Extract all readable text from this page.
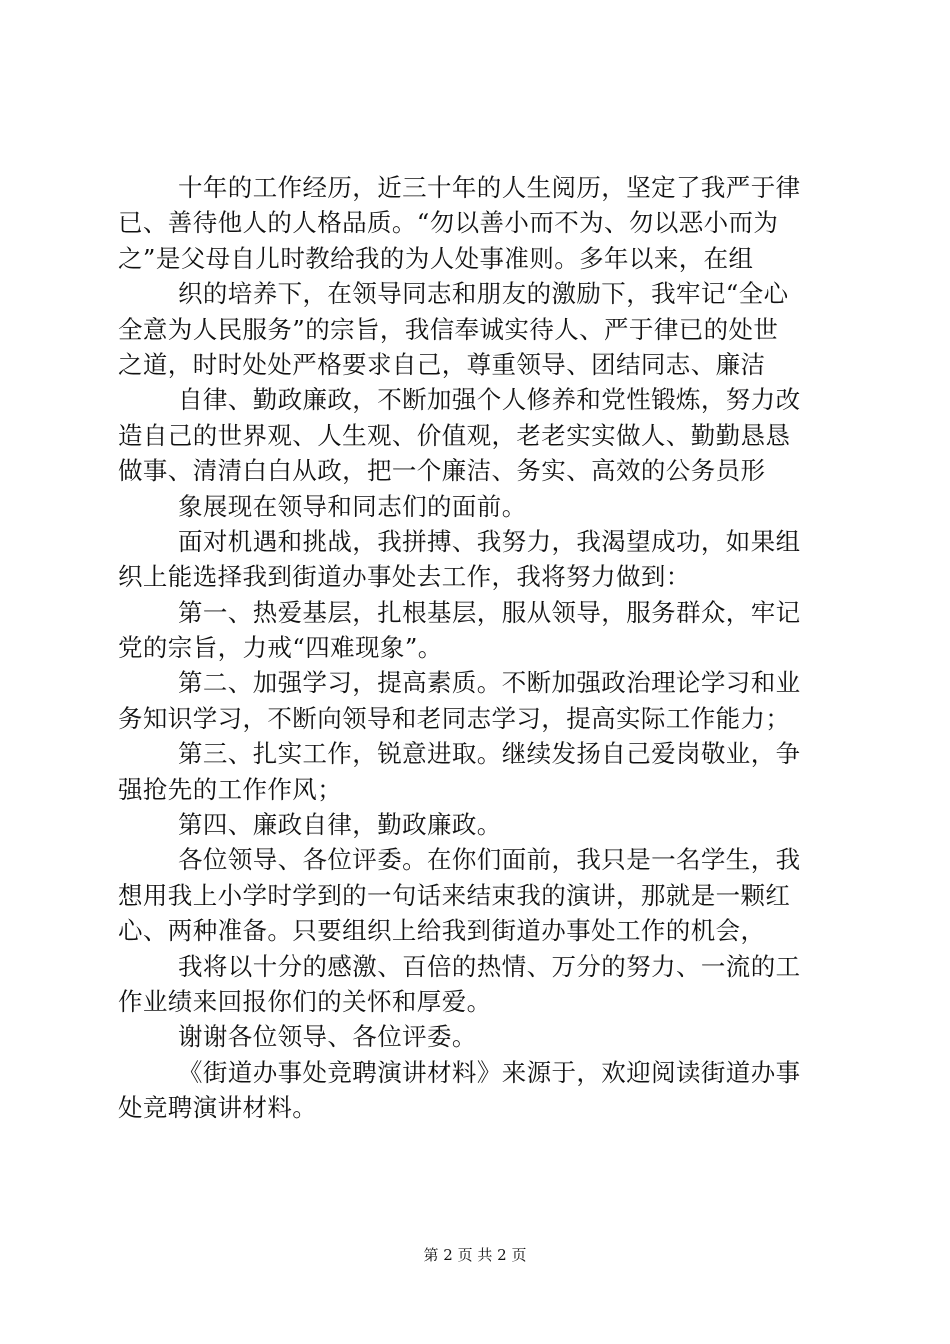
十年的工作经历，近三十年的人生阅历，坚定了我严于律
已、善待他人的人格品质。“勿以善小而不为、勿以恶小而为
之”是父母自儿时教给我的为人处事准则。多年以来，在组
织的培养下，在领导同志和朋友的激励下，我牢记“全心
全意为人民服务”的宗旨，我信奉诚实待人、严于律已的处世
之道，时时处处严格要求自己，尊重领导、团结同志、廉洁
自律、勤政廉政，不断加强个人修养和党性锻炼，努力改
造自己的世界观、人生观、价值观，老老实实做人、勤勤恳恳
做事、清清白白从政，把一个廉洁、务实、高效的公务员形
象展现在领导和同志们的面前。
面对机遇和挑战，我拼搏、我努力，我渴望成功，如果组
织上能选择我到街道办事处去工作，我将努力做到：
第一、热爱基层，扎根基层，服从领导，服务群众，牢记
党的宗旨，力戒“四难现象”。
第二、加强学习，提高素质。不断加强政治理论学习和业
务知识学习，不断向领导和老同志学习，提高实际工作能力；
第三、扎实工作，锐意进取。继续发扬自己爱岗敬业，争
强抢先的工作作风；
第四、廉政自律，勤政廉政。
各位领导、各位评委。在你们面前，我只是一名学生，我
想用我上小学时学到的一句话来结束我的演讲，那就是一颗红
心、两种准备。只要组织上给我到街道办事处工作的机会，
我将以十分的感激、百倍的热情、万分的努力、一流的工
作业绩来回报你们的关怀和厚爱。
谢谢各位领导、各位评委。
《街道办事处竞聘演讲材料》来源于，欢迎阅读街道办事
处竞聘演讲材料。
第 2 页 共 2 页
